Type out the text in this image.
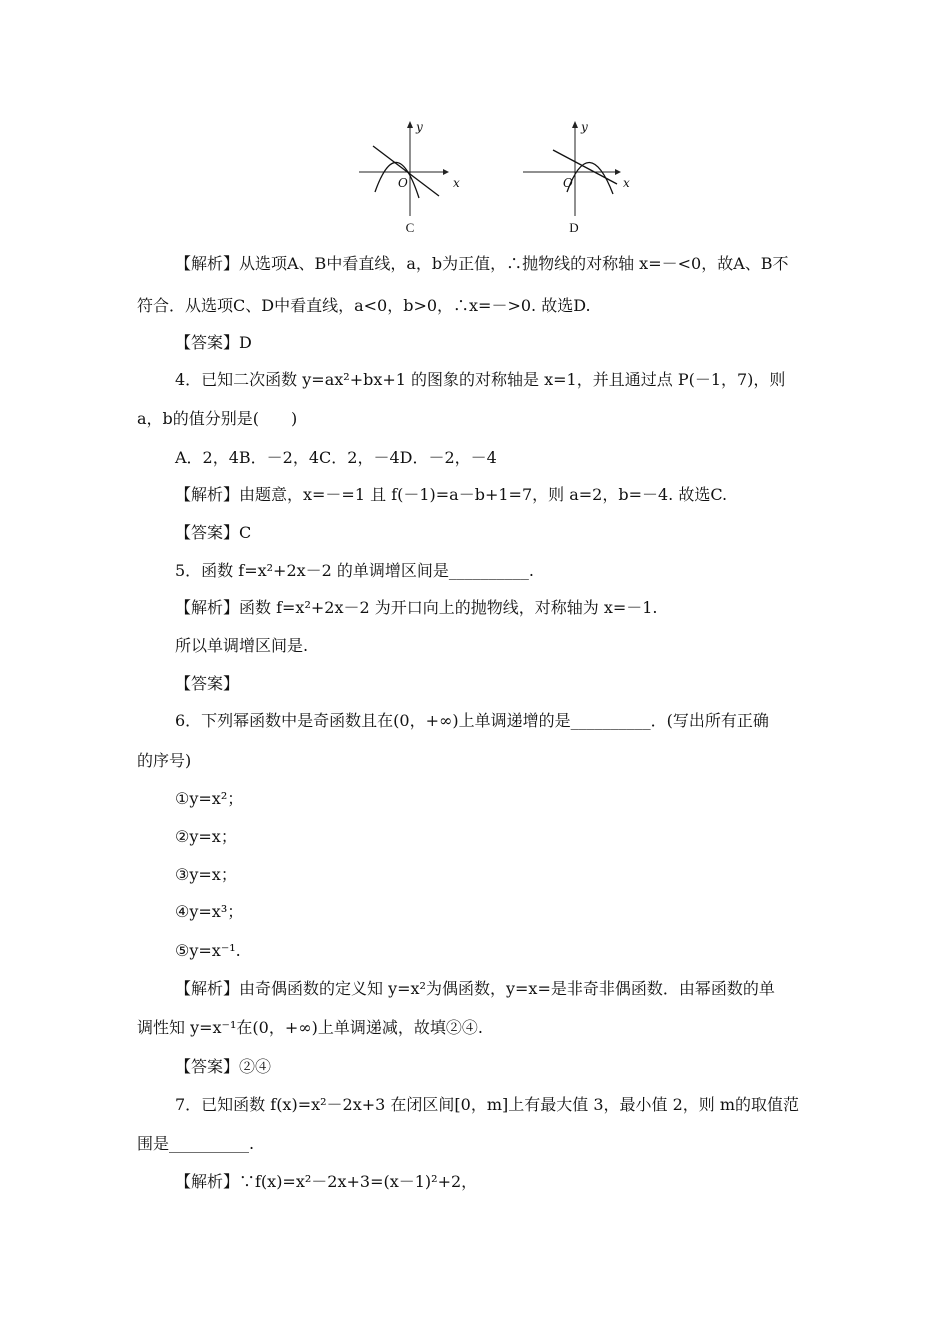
y
x
O
C
y
x
O
D
【解析】从选项A、B中看直线，a，b为正值，∴抛物线的对称轴 x=－<0，故A、B不
符合．从选项C、D中看直线，a<0，b>0，∴x=－>0. 故选D.
【答案】D
4．已知二次函数 y=ax²+bx+1 的图象的对称轴是 x=1，并且通过点 P(－1，7)，则
a，b的值分别是(　　)
A．2，4B．－2，4C．2，－4D．－2，－4
【解析】由题意，x=－=1 且 f(－1)=a－b+1=7，则 a=2，b=－4. 故选C.
【答案】C
5．函数 f=x²+2x－2 的单调增区间是__________.
【解析】函数 f=x²+2x－2 为开口向上的抛物线，对称轴为 x=－1.
所以单调增区间是.
【答案】
6．下列幂函数中是奇函数且在(0，+∞)上单调递增的是__________．(写出所有正确
的序号)
①y=x²；
②y=x；
③y=x；
④y=x³；
⑤y=x⁻¹.
【解析】由奇偶函数的定义知 y=x²为偶函数，y=x=是非奇非偶函数．由幂函数的单
调性知 y=x⁻¹在(0，+∞)上单调递减，故填②④.
【答案】②④
7．已知函数 f(x)=x²－2x+3 在闭区间[0，m]上有最大值 3，最小值 2，则 m的取值范
围是__________.
【解析】∵f(x)=x²－2x+3=(x－1)²+2，
